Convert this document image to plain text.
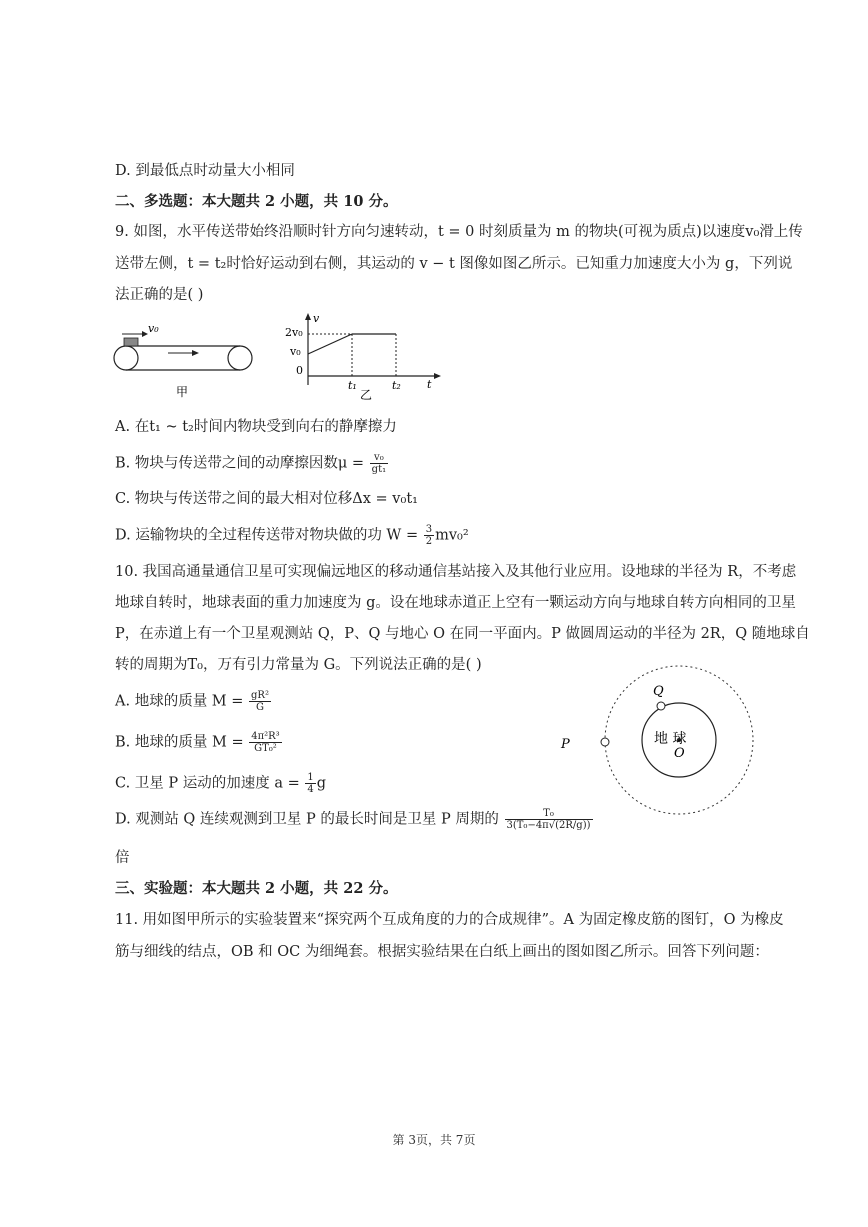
D. 到最低点时动量大小相同
二、多选题：本大题共 2 小题，共 10 分。
9. 如图，水平传送带始终沿顺时针方向匀速转动，t = 0 时刻质量为 m 的物块(可视为质点)以速度v₀滑上传
送带左侧，t = t₂时恰好运动到右侧，其运动的 v − t 图像如图乙所示。已知重力加速度大小为 g，下列说
法正确的是( )
v₀
甲
v
t
2v₀
v₀
0
t₁	t₂
乙
A. 在t₁ ~ t₂时间内物块受到向右的静摩擦力
B. 物块与传送带之间的动摩擦因数$\mu = \frac{\text{v₀}}{\text{gt₁}}$
C. 物块与传送带之间的最大相对位移Δx = v₀t₁
D. 运输物块的全过程传送带对物块做的功 $W = \frac{3}{2} mv_0^2$
10. 我国高通量通信卫星可实现偏远地区的移动通信基站接入及其他行业应用。设地球的半径为 R，不考虑
地球自转时，地球表面的重力加速度为 g。设在地球赤道正上空有一颗运动方向与地球自转方向相同的卫星
P，在赤道上有一个卫星观测站 Q，P、Q 与地心 O 在同一平面内。P 做圆周运动的半径为 2R，Q 随地球自
转的周期为T₀，万有引力常量为 G。下列说法正确的是( )
A. 地球的质量 $M = \frac{\text{gR²}}{G}$
B. 地球的质量 $M = \frac{\text{4π²R³}}{\text{GT₀²}}$
C. 卫星 P 运动的加速度 $a = \frac{1}{4}$ g
D. 观测站 Q 连续观测到卫星 P 的最长时间是卫星 P 周期的 $\frac{\text{T₀}}{\text{3(T₀−4π√(2R/g))}}$
倍
P
Q
地 球
O
三、实验题：本大题共 2 小题，共 22 分。
11. 用如图甲所示的实验装置来“探究两个互成角度的力的合成规律”。A 为固定橡皮筋的图钉，O 为橡皮
筋与细线的结点，OB 和 OC 为细绳套。根据实验结果在白纸上画出的图如图乙所示。回答下列问题：
第 3页，共 7页
